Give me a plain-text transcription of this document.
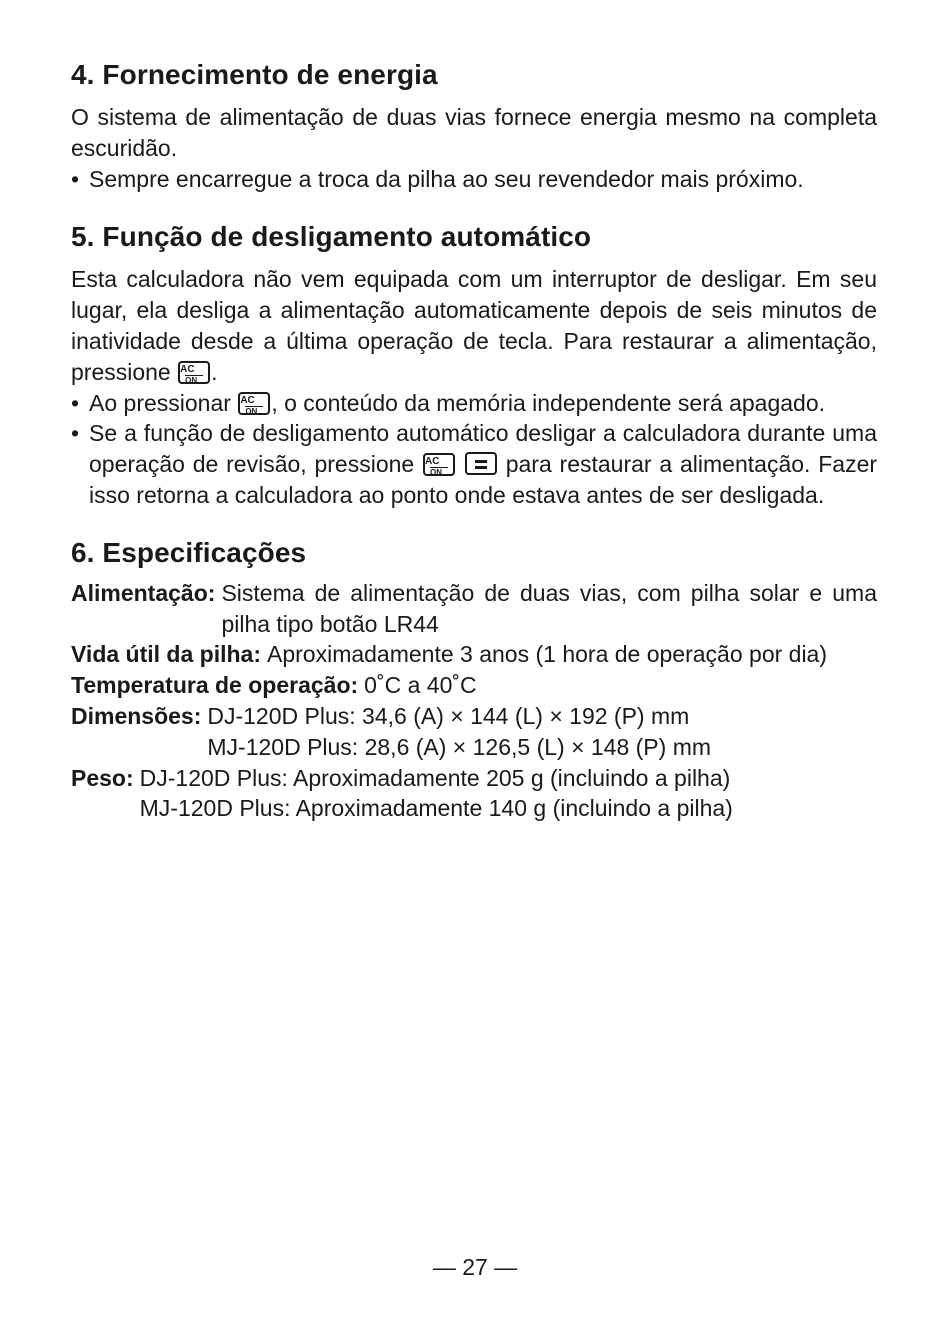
4. Fornecimento de energia

O sistema de alimentação de duas vias fornece energia mesmo na completa escuridão.

• Sempre encarregue a troca da pilha ao seu revendedor mais próximo.
5. Função de desligamento automático

Esta calculadora não vem equipada com um interruptor de desligar. Em seu lugar, ela desliga a alimentação automaticamente depois de seis minutos de inatividade desde a última operação de tecla. Para restaurar a alimentação, pressione AC
ON .

• Ao pressionar AC
ON , o conteúdo da memória independente será apagado.
• Se a função de desligamento automático desligar a calculadora durante uma operação de revisão, pressione AC
ON
	para restaurar a alimentação. Fazer isso retorna a calculadora ao ponto onde estava antes de ser desligada.
6. Especificações
Alimentação: Sistema de alimentação de duas vias, com pilha solar e uma pilha tipo botão LR44
Vida útil da pilha: Aproximadamente 3 anos (1 hora de operação por dia)
Temperatura de operação: 0˚C a 40˚C
Dimensões: DJ-120D Plus: 34,6 (A) × 144 (L) × 192 (P) mm
MJ-120D Plus: 28,6 (A) × 126,5 (L) × 148 (P) mm
Peso: DJ-120D Plus: Aproximadamente 205 g (incluindo a pilha)
MJ-120D Plus: Aproximadamente 140 g (incluindo a pilha)
— 27 —
